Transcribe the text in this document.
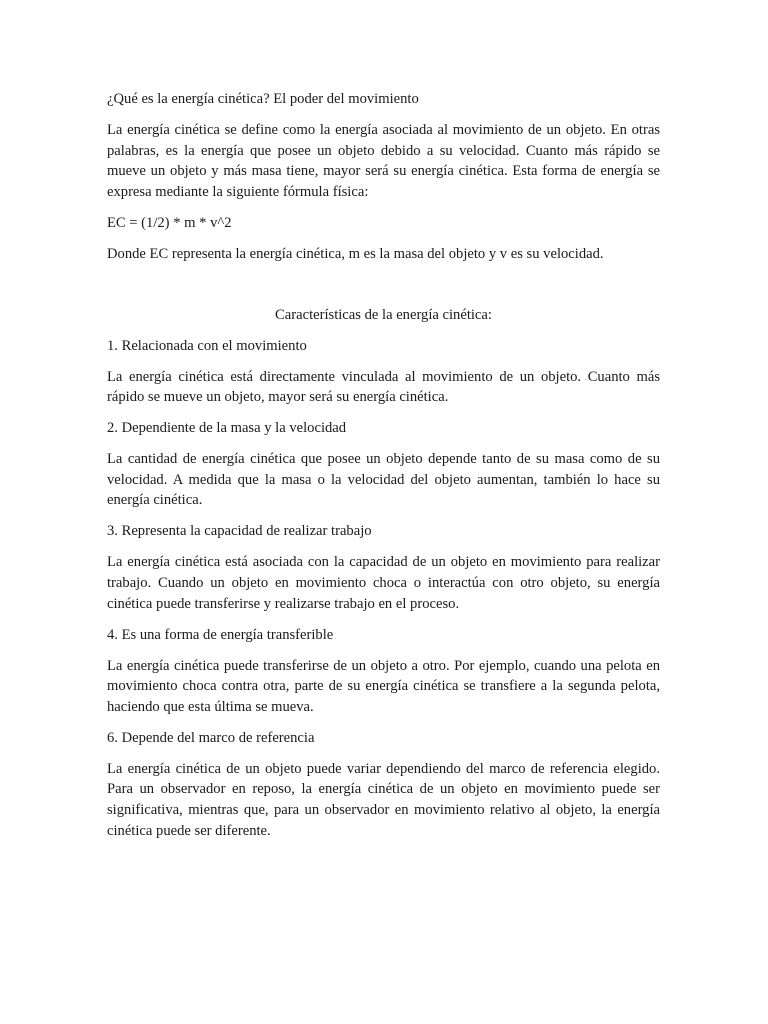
¿Qué es la energía cinética? El poder del movimiento

La energía cinética se define como la energía asociada al movimiento de un objeto. En otras palabras, es la energía que posee un objeto debido a su velocidad. Cuanto más rápido se mueve un objeto y más masa tiene, mayor será su energía cinética. Esta forma de energía se expresa mediante la siguiente fórmula física:

EC = (1/2) * m * v^2

Donde EC representa la energía cinética, m es la masa del objeto y v es su velocidad.

Características de la energía cinética:

1. Relacionada con el movimiento

La energía cinética está directamente vinculada al movimiento de un objeto. Cuanto más rápido se mueve un objeto, mayor será su energía cinética.

2. Dependiente de la masa y la velocidad

La cantidad de energía cinética que posee un objeto depende tanto de su masa como de su velocidad. A medida que la masa o la velocidad del objeto aumentan, también lo hace su energía cinética.

3. Representa la capacidad de realizar trabajo

La energía cinética está asociada con la capacidad de un objeto en movimiento para realizar trabajo. Cuando un objeto en movimiento choca o interactúa con otro objeto, su energía cinética puede transferirse y realizarse trabajo en el proceso.

4. Es una forma de energía transferible

La energía cinética puede transferirse de un objeto a otro. Por ejemplo, cuando una pelota en movimiento choca contra otra, parte de su energía cinética se transfiere a la segunda pelota, haciendo que esta última se mueva.

6. Depende del marco de referencia

La energía cinética de un objeto puede variar dependiendo del marco de referencia elegido. Para un observador en reposo, la energía cinética de un objeto en movimiento puede ser significativa, mientras que, para un observador en movimiento relativo al objeto, la energía cinética puede ser diferente.
